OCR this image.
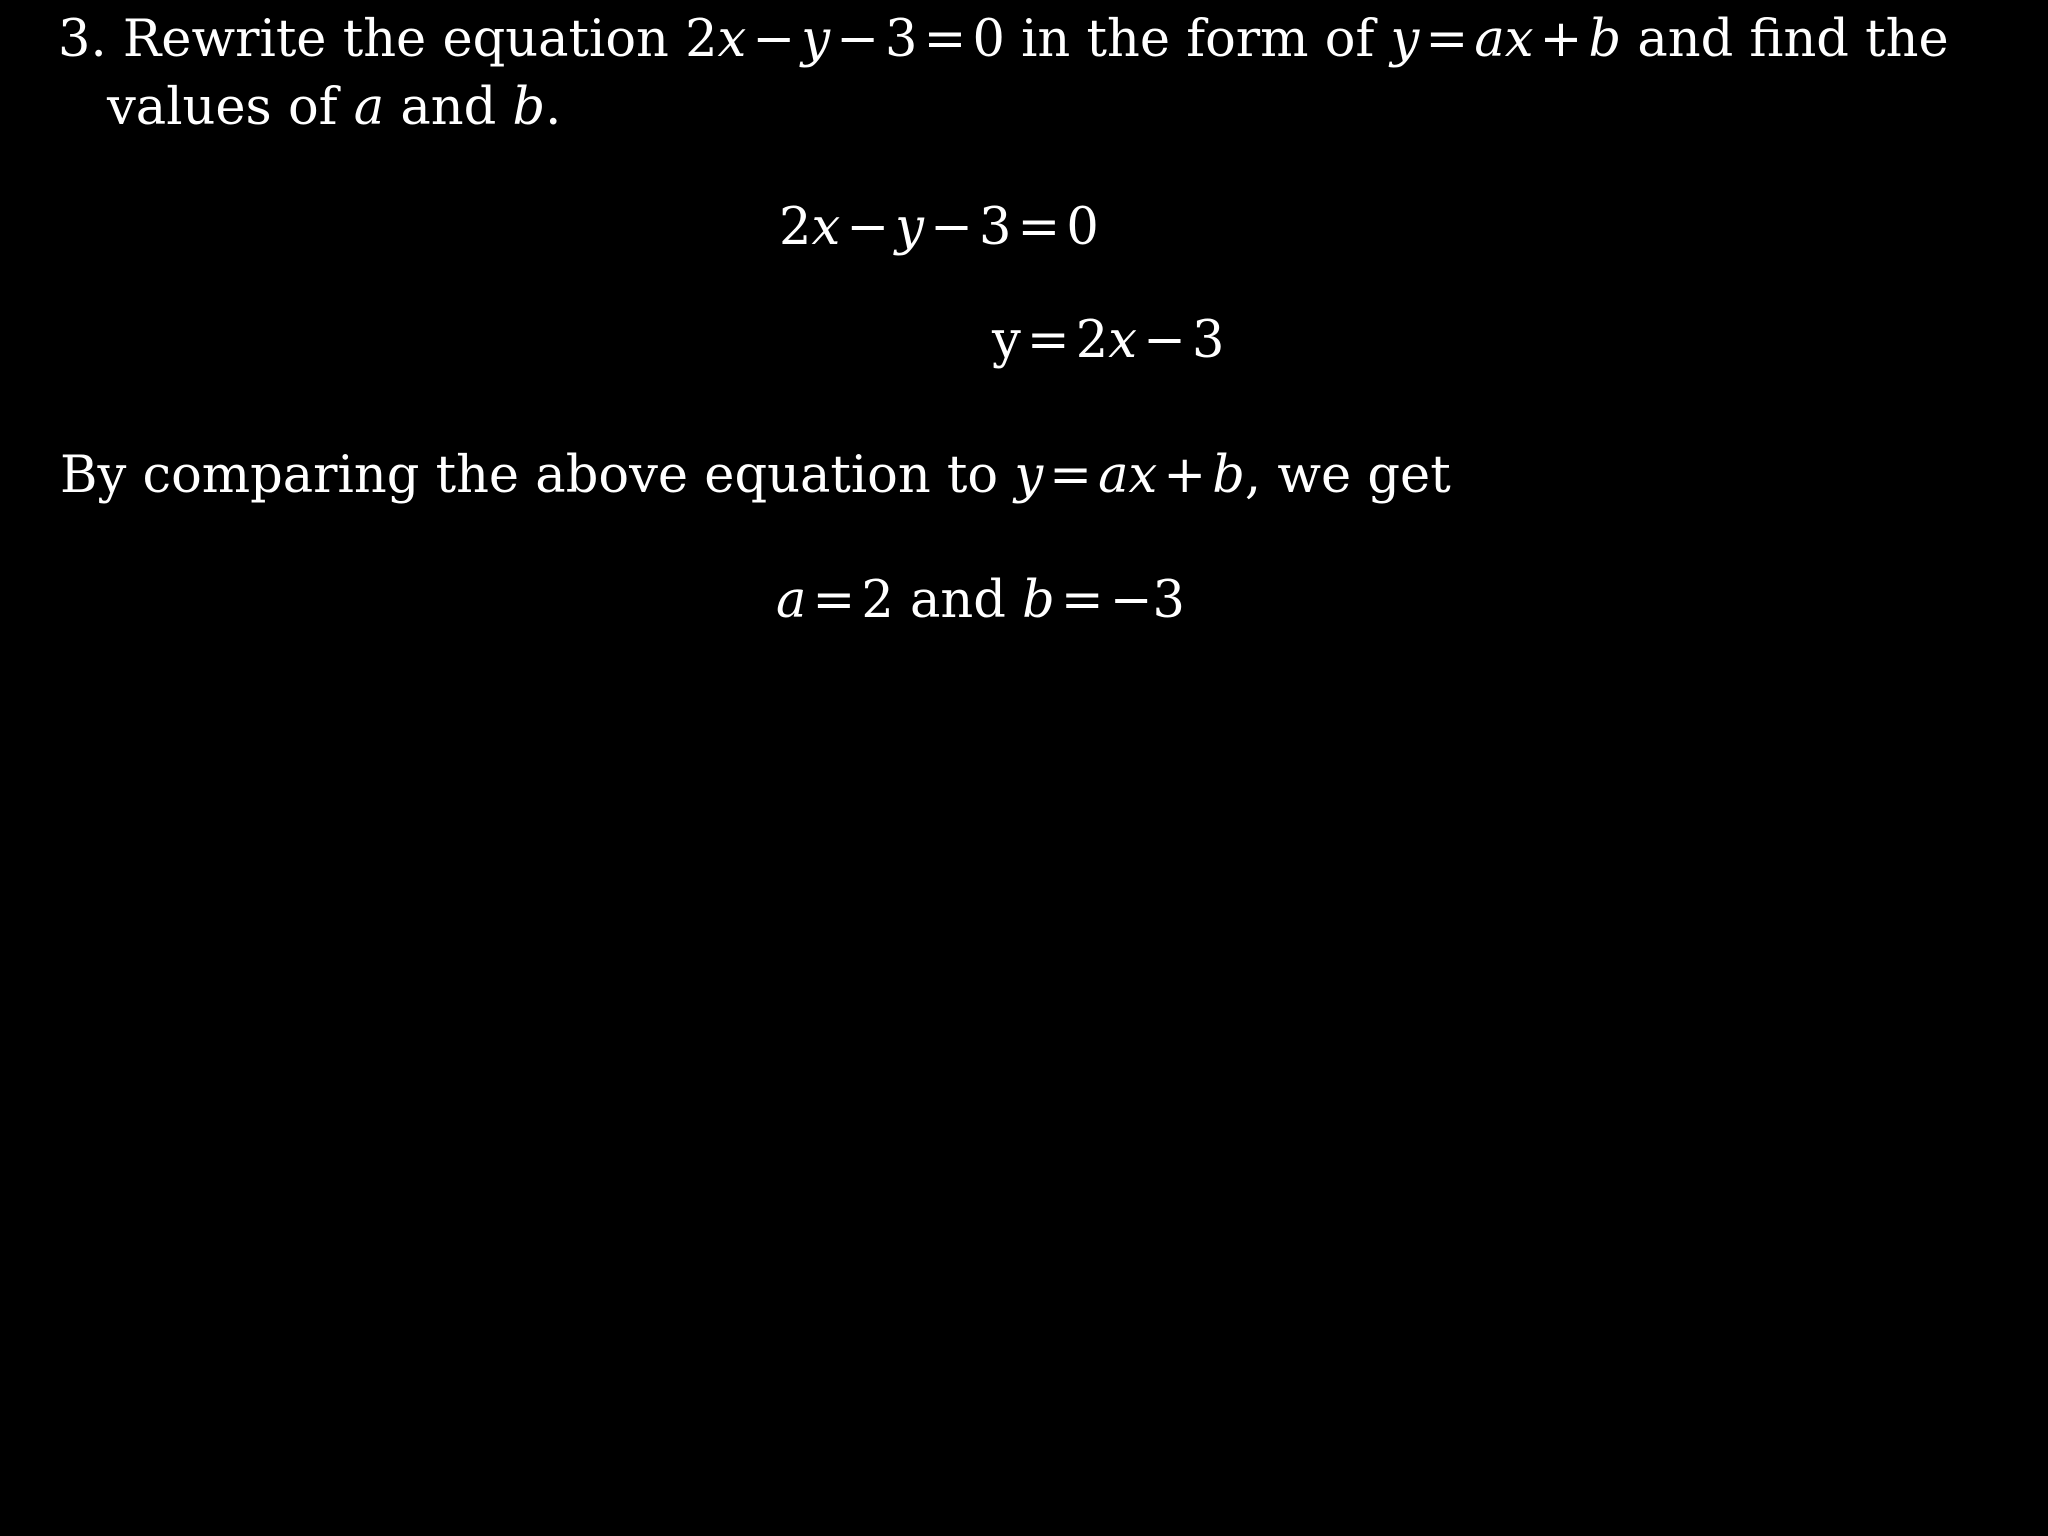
3. Rewrite the equation 2x − y − 3 = 0 in the form of y = ax + b and find the
values of a and b.
2x − y − 3 = 0
y = 2x − 3
By comparing the above equation to y = ax + b, we get
a = 2 and b = −3
